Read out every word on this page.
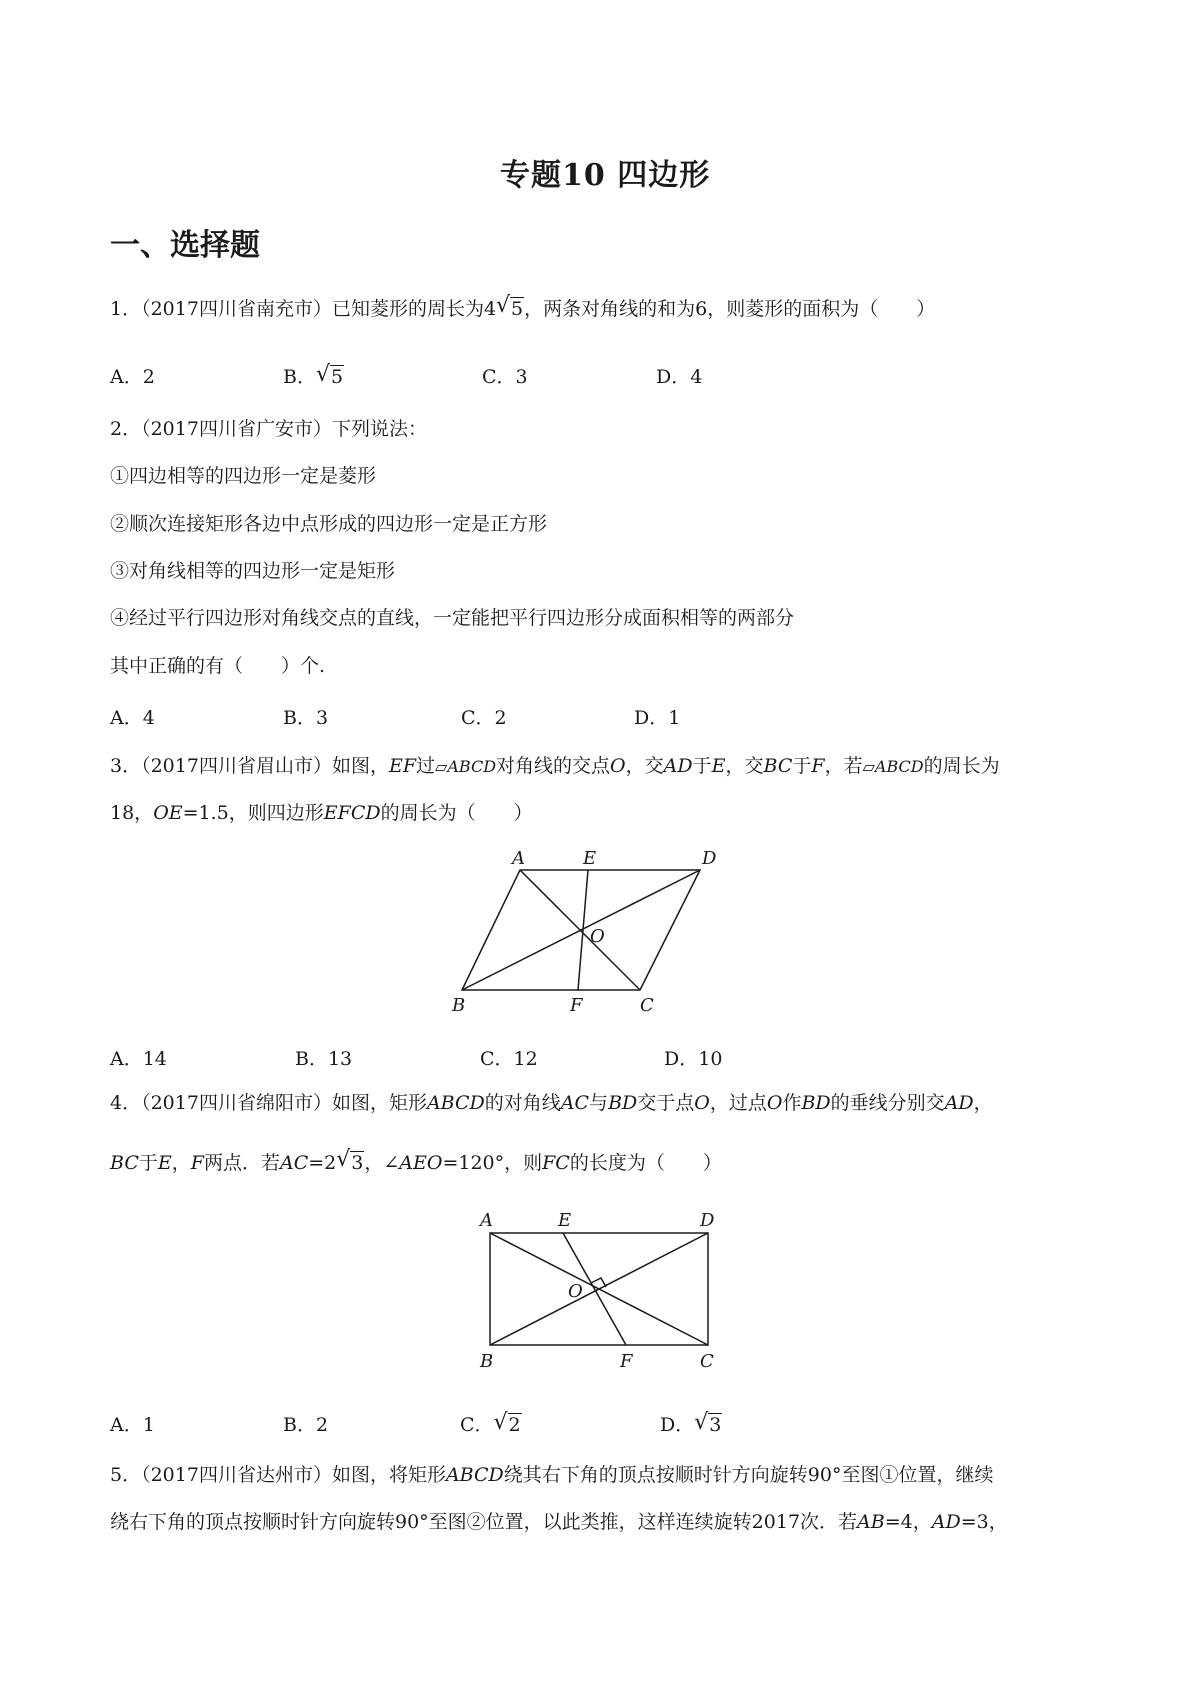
专题10 四边形
一、选择题
1．（2017四川省南充市）已知菱形的周长为4 √ 5，两条对角线的和为6，则菱形的面积为（　　）
A．2	B． √ 5	C．3	D．4
2．（2017四川省广安市）下列说法：
①四边相等的四边形一定是菱形
②顺次连接矩形各边中点形成的四边形一定是正方形
③对角线相等的四边形一定是矩形
④经过平行四边形对角线交点的直线，一定能把平行四边形分成面积相等的两部分
其中正确的有（　　）个.
A．4	B．3	C．2	D．1
3．（2017四川省眉山市）如图，EF过▱ABCD对角线的交点O，交AD于E，交BC于F，若▱ABCD的周长为
18，OE=1.5，则四边形EFCD的周长为（　　）
A	E	D
O
B	F	C
A．14	B．13	C．12	D．10
4．（2017四川省绵阳市）如图，矩形ABCD的对角线AC与BD交于点O，过点O作BD的垂线分别交AD，
BC于E，F两点．若AC=2 √ 3，∠AEO=120°，则FC的长度为（　　）
A	E	D
O
B	F	C
A．1	B．2	C． √ 2	D． √ 3
5．（2017四川省达州市）如图，将矩形ABCD绕其右下角的顶点按顺时针方向旋转90°至图①位置，继续
绕右下角的顶点按顺时针方向旋转90°至图②位置，以此类推，这样连续旋转2017次．若AB=4，AD=3，
